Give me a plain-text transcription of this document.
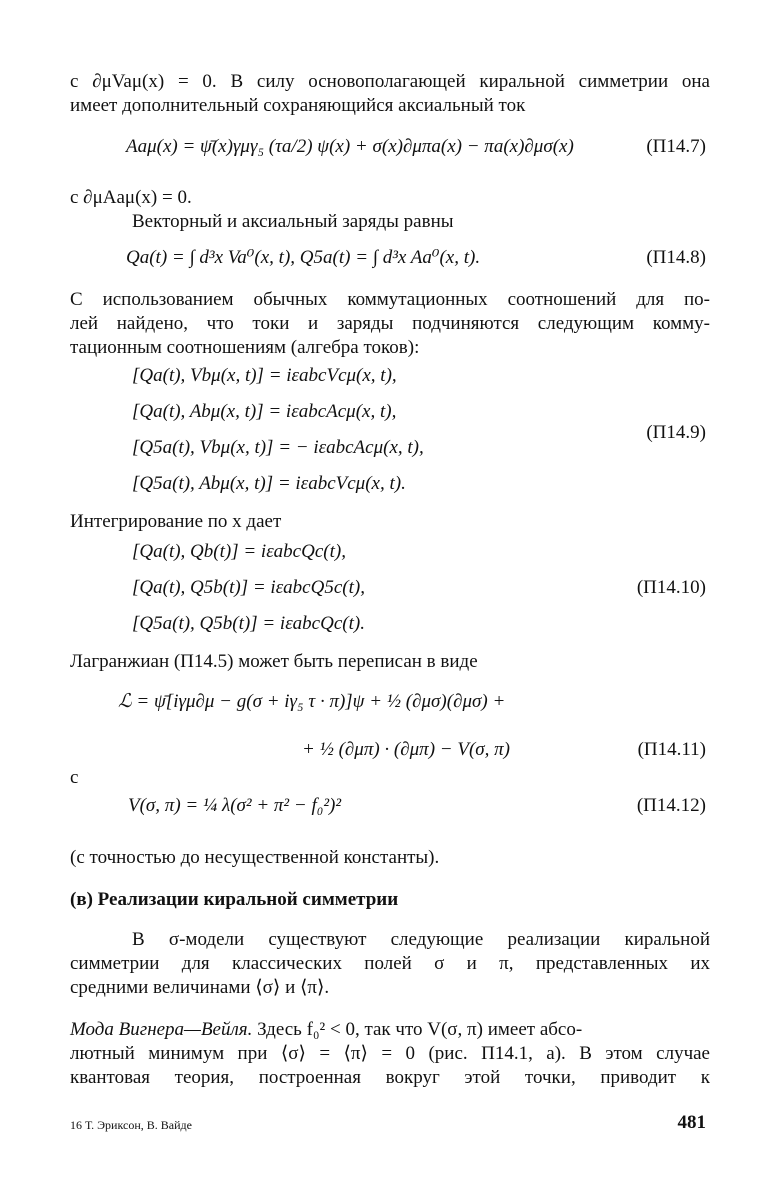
с ∂μVaμ(x) = 0. В силу основополагающей киральной симметрии она
имеет дополнительный сохраняющийся аксиальный ток
Aaμ(x) = ψ̄(x)γμγ₅ (τa/2) ψ(x) + σ(x)∂μπa(x) − πa(x)∂μσ(x)	(П14.7)
с ∂μAaμ(x) = 0.
Векторный и аксиальный заряды равны
Qa(t) = ∫ d³x Va⁰(x, t), Q5a(t) = ∫ d³x Aa⁰(x, t).	(П14.8)
С использованием обычных коммутационных соотношений для по-
лей найдено, что токи и заряды подчиняются следующим комму-
тационным соотношениям (алгебра токов):
[Qa(t), Vbμ(x, t)] = iεabcVcμ(x, t),
[Qa(t), Abμ(x, t)] = iεabcAcμ(x, t),
[Q5a(t), Vbμ(x, t)] = − iεabcAcμ(x, t),
[Q5a(t), Abμ(x, t)] = iεabcVcμ(x, t).
(П14.9)
Интегрирование по x дает
[Qa(t), Qb(t)] = iεabcQc(t),
[Qa(t), Q5b(t)] = iεabcQ5c(t),
[Q5a(t), Q5b(t)] = iεabcQc(t).
(П14.10)
Лагранжиан (П14.5) может быть переписан в виде
ℒ = ψ̄[iγμ∂μ − g(σ + iγ₅ τ · π)]ψ + ½ (∂μσ)(∂μσ) +
+ ½ (∂μπ) · (∂μπ) − V(σ, π)	(П14.11)
с
V(σ, π) = ¼ λ(σ² + π² − f₀²)²	(П14.12)
(с точностью до несущественной константы).
(в) Реализации киральной симметрии
В σ-модели существуют следующие реализации киральной
симметрии для классических полей σ и π, представленных их
средними величинами ⟨σ⟩ и ⟨π⟩.
Мода Вигнера—Вейля. Здесь f₀² < 0, так что V(σ, π) имеет абсо-
лютный минимум при ⟨σ⟩ = ⟨π⟩ = 0 (рис. П14.1, a). В этом случае
квантовая теория, построенная вокруг этой точки, приводит к
16 Т. Эриксон, В. Вайде	481
